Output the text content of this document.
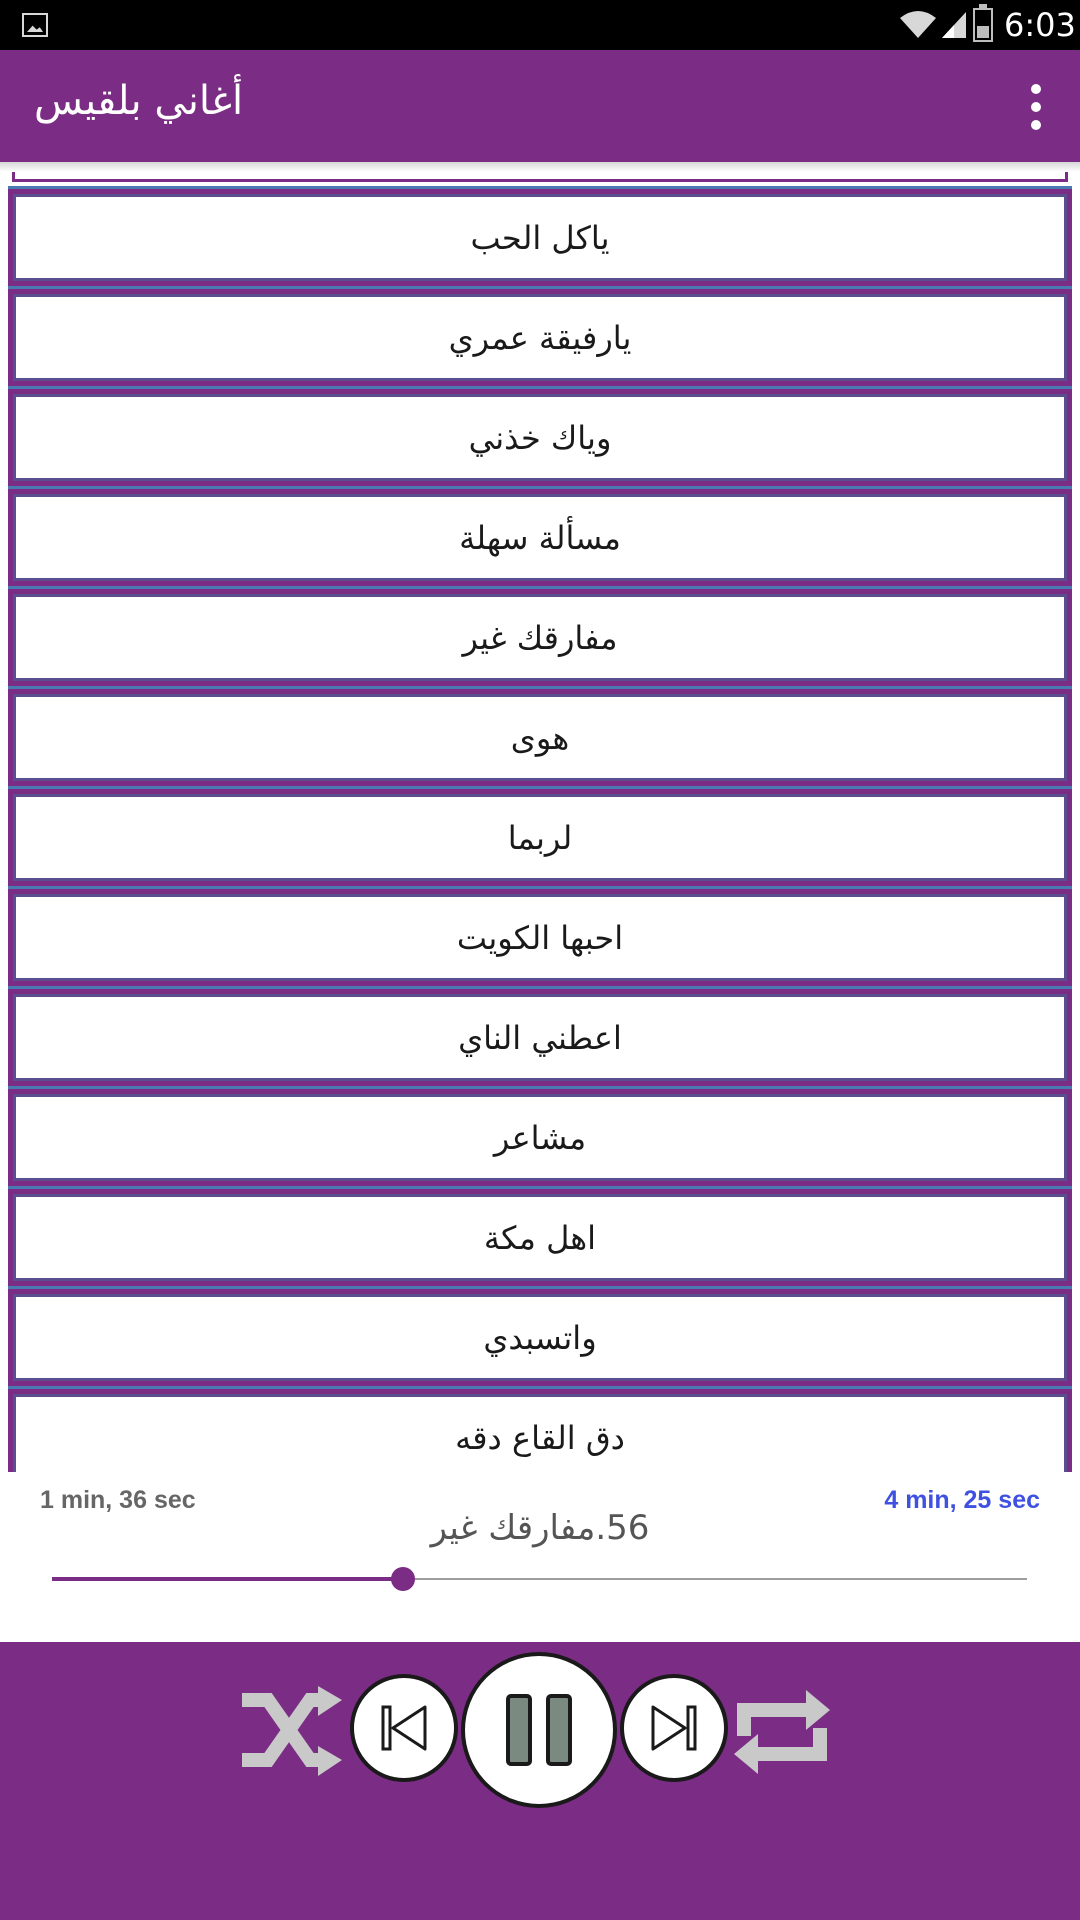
6:03
أغاني بلقيس
ياكل الحب
يارفيقة عمري
وياك خذني
مسألة سهلة
مفارقك غير
هوى
لربما
احبها الكويت
اعطني الناي
مشاعر
اهل مكة
واتسبدي
دق القاع دقه
1 min, 36 sec	4 min, 25 sec
56.مفارقك غير
